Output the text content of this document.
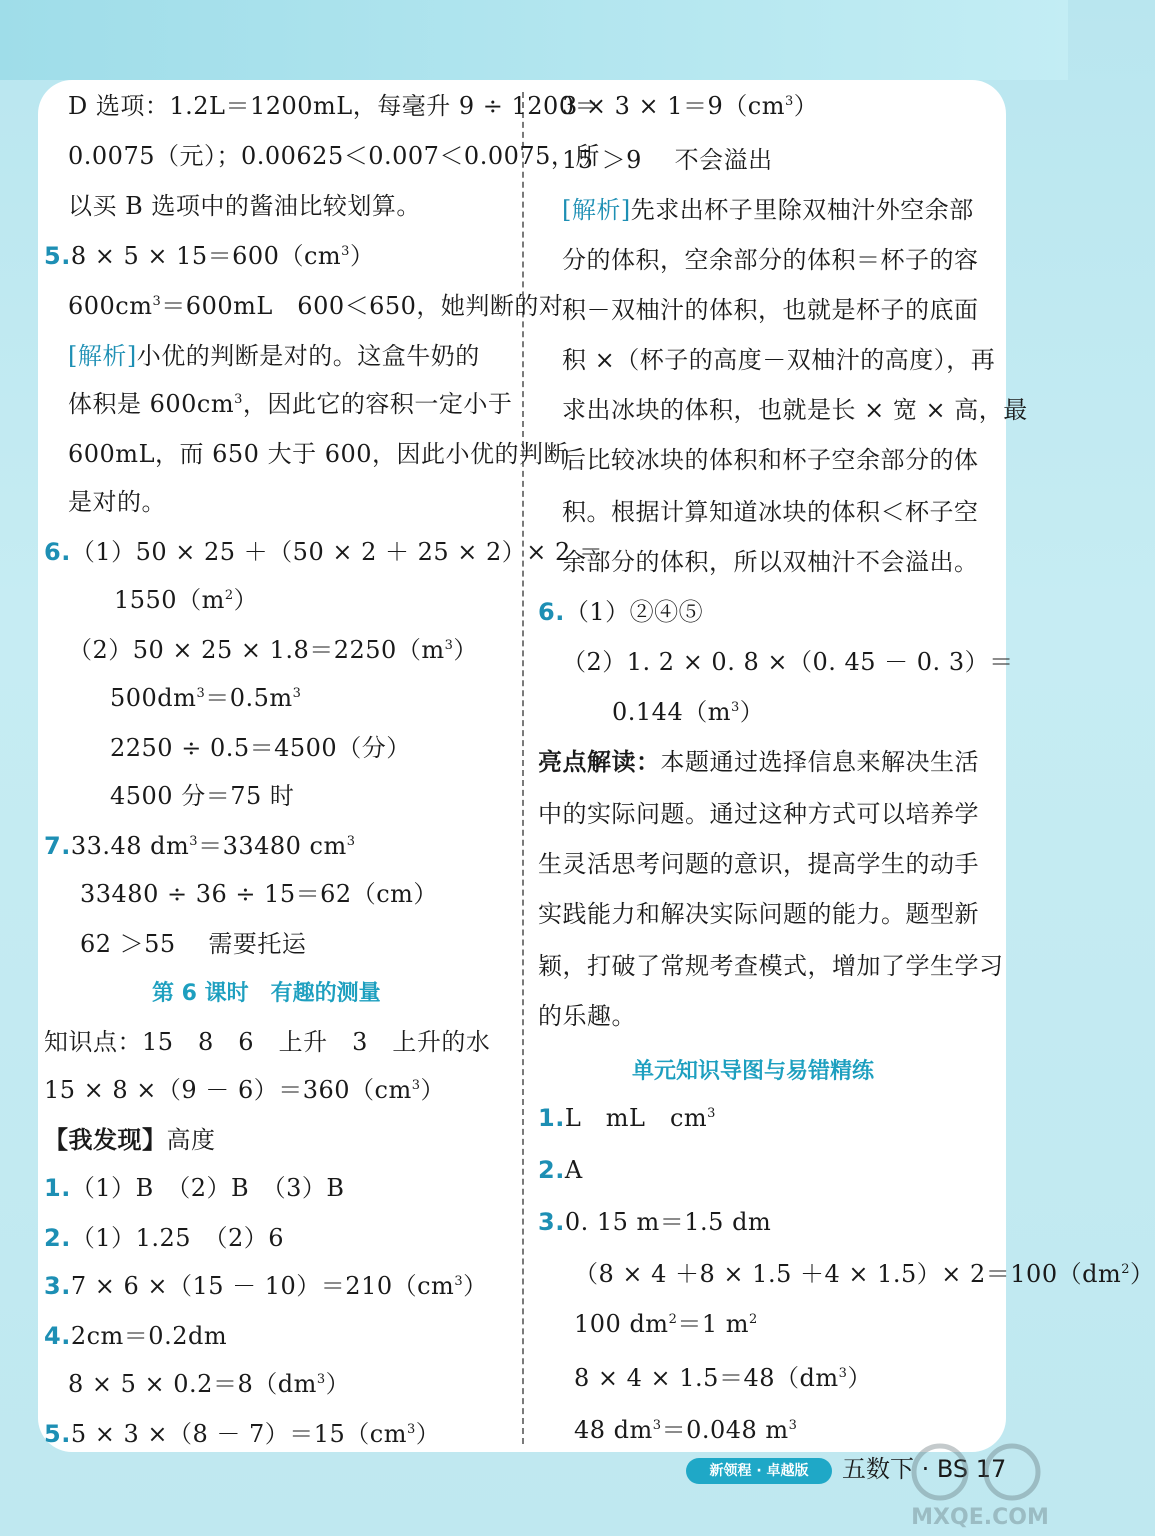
D 选项：1.2L＝1200mL，每毫升 9 ÷ 1200＝
0.0075（元）；0.00625＜0.007＜0.0075，所
以买 B 选项中的酱油比较划算。
$5.8 \times 5 \times 15=600(cm^3)$
$600cm^3=600mL$　600＜650，她判断的对
[解析]小优的判断是对的。这盒牛奶的
体积是 $600cm^3$，因此它的容积一定小于
600mL，而 650 大于 600，因此小优的判断
是对的。
6.（1）50 × 25 ＋（50 × 2 ＋ 25 × 2）× 2 ＝
$1550(m^2)$
$(2)50 \times 25 \times 1.8=2250(m^3)$
$500dm^3=0.5m^3$
2250 ÷ 0.5＝4500（分）
4500 分＝75 时
7.33.48 $dm^3=33480$ $cm^3$
33480 ÷ 36 ÷ 15＝62（cm）
62 ＞55　 需要托运
知识点：15　8　6　上升　3　上升的水
$15 \times 8 \times(9 - 6)=360(cm^3)$
【我发现】高度
1.（1）B　（2）B　（3）B
2.（1）1.25　（2）6
$3.7 \times 6 \times(15 - 10)=210(cm^3)$
4.2cm＝0.2dm
$8 \times 5 \times 0.2=8(dm^3)$
$5.5 \times 3 \times(8 - 7)=15(cm^3)$
$3 \times 3 \times 1=9(cm^3)$
15 ＞9　 不会溢出
[解析]先求出杯子里除双柚汁外空余部
分的体积，空余部分的体积＝杯子的容
积－双柚汁的体积，也就是杯子的底面
积 ×（杯子的高度－双柚汁的高度），再
求出冰块的体积，也就是长 × 宽 × 高，最
后比较冰块的体积和杯子空余部分的体
积。根据计算知道冰块的体积＜杯子空
余部分的体积，所以双柚汁不会溢出。
6.（1）②④⑤
（2）1. 2 × 0. 8 ×（0. 45 － 0. 3）＝
$0.144(m^3)$
亮点解读：本题通过选择信息来解决生活
中的实际问题。通过这种方式可以培养学
生灵活思考问题的意识，提高学生的动手
实践能力和解决实际问题的能力。题型新
颖，打破了常规考查模式，增加了学生学习
的乐趣。
1.L　mL　$cm^3$
2.A
3.0. 15 m＝1.5 dm
$(8 \times 4 +8 \times 1.5 +4 \times 1.5)\times 2=100(dm^2)$
100 $dm^2=1$ $m^2$
$8 \times 4 \times 1.5=48(dm^3)$
48 $dm^3=0.048$ $m^3$
第 6 课时　有趣的测量
单元知识导图与易错精练
新领程 · 卓越版	五数下 · BS 17
MXQE.COM
